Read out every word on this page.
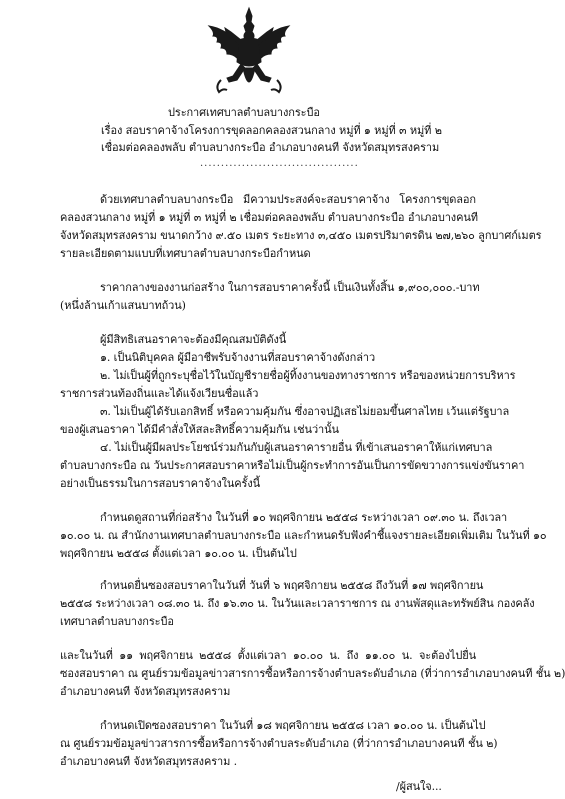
ประกาศเทศบาลตำบลบางกระบือ
เรื่อง สอบราคาจ้างโครงการขุดลอกคลองสวนกลาง หมู่ที่ ๑ หมู่ที่ ๓ หมู่ที่ ๒
เชื่อมต่อคลองพลับ ตำบลบางกระบือ อำเภอบางคนที จังหวัดสมุทรสงคราม
......................................
ด้วยเทศบาลตำบลบางกระบือ มีความประสงค์จะสอบราคาจ้าง โครงการขุดลอก
คลองสวนกลาง หมู่ที่ ๑ หมู่ที่ ๓ หมู่ที่ ๒ เชื่อมต่อคลองพลับ ตำบลบางกระบือ อำเภอบางคนที
จังหวัดสมุทรสงคราม ขนาดกว้าง ๙.๕๐ เมตร ระยะทาง ๓,๔๕๐ เมตรปริมาตรดิน ๒๗,๒๖๐ ลูกบาศก์เมตร
รายละเอียดตามแบบที่เทศบาลตำบลบางกระบือกำหนด
ราคากลางของงานก่อสร้าง ในการสอบราคาครั้งนี้ เป็นเงินทั้งสิ้น ๑,๙๐๐,๐๐๐.-บาท
(หนึ่งล้านเก้าแสนบาทถ้วน)
ผู้มีสิทธิเสนอราคาจะต้องมีคุณสมบัติดังนี้
๑. เป็นนิติบุคคล ผู้มีอาชีพรับจ้างงานที่สอบราคาจ้างดังกล่าว
๒. ไม่เป็นผู้ที่ถูกระบุชื่อไว้ในบัญชีรายชื่อผู้ทิ้งงานของทางราชการ หรือของหน่วยการบริหาร
ราชการส่วนท้องถิ่นและได้แจ้งเวียนชื่อแล้ว
๓. ไม่เป็นผู้ได้รับเอกสิทธิ์ หรือความคุ้มกัน ซึ่งอาจปฏิเสธไม่ยอมขึ้นศาลไทย เว้นแต่รัฐบาล
ของผู้เสนอราคา ได้มีคำสั่งให้สละสิทธิ์ความคุ้มกัน เช่นว่านั้น
๔. ไม่เป็นผู้มีผลประโยชน์ร่วมกันกับผู้เสนอราคารายอื่น ที่เข้าเสนอราคาให้แก่เทศบาล
ตำบลบางกระบือ ณ วันประกาศสอบราคาหรือไม่เป็นผู้กระทำการอันเป็นการขัดขวางการแข่งขันราคา
อย่างเป็นธรรมในการสอบราคาจ้างในครั้งนี้
กำหนดดูสถานที่ก่อสร้าง ในวันที่ ๑๐ พฤศจิกายน ๒๕๕๘ ระหว่างเวลา ๐๙.๓๐ น. ถึงเวลา
๑๐.๐๐ น. ณ สำนักงานเทศบาลตำบลบางกระบือ และกำหนดรับฟังคำชี้แจงรายละเอียดเพิ่มเติม ในวันที่ ๑๐
พฤศจิกายน ๒๕๕๘ ตั้งแต่เวลา ๑๐.๐๐ น. เป็นต้นไป
กำหนดยื่นซองสอบราคาในวันที่ วันที่ ๖ พฤศจิกายน ๒๕๕๘ ถึงวันที่ ๑๗ พฤศจิกายน
๒๕๕๘ ระหว่างเวลา ๐๘.๓๐ น. ถึง ๑๖.๓๐ น. ในวันและเวลาราชการ ณ งานพัสดุและทรัพย์สิน กองคลัง
เทศบาลตำบลบางกระบือ
และในวันที่ ๑๑ พฤศจิกายน ๒๕๕๘ ตั้งแต่เวลา ๑๐.๐๐ น. ถึง ๑๑.๐๐ น. จะต้องไปยื่น
ซองสอบราคา ณ ศูนย์รวมข้อมูลข่าวสารการซื้อหรือการจ้างตำบลระดับอำเภอ (ที่ว่าการอำเภอบางคนที ชั้น ๒)
อำเภอบางคนที จังหวัดสมุทรสงคราม
กำหนดเปิดซองสอบราคา ในวันที่ ๑๘ พฤศจิกายน ๒๕๕๘ เวลา ๑๐.๐๐ น. เป็นต้นไป
ณ ศูนย์รวมข้อมูลข่าวสารการซื้อหรือการจ้างตำบลระดับอำเภอ (ที่ว่าการอำเภอบางคนที ชั้น ๒)
อำเภอบางคนที จังหวัดสมุทรสงคราม .
/ผู้สนใจ...
